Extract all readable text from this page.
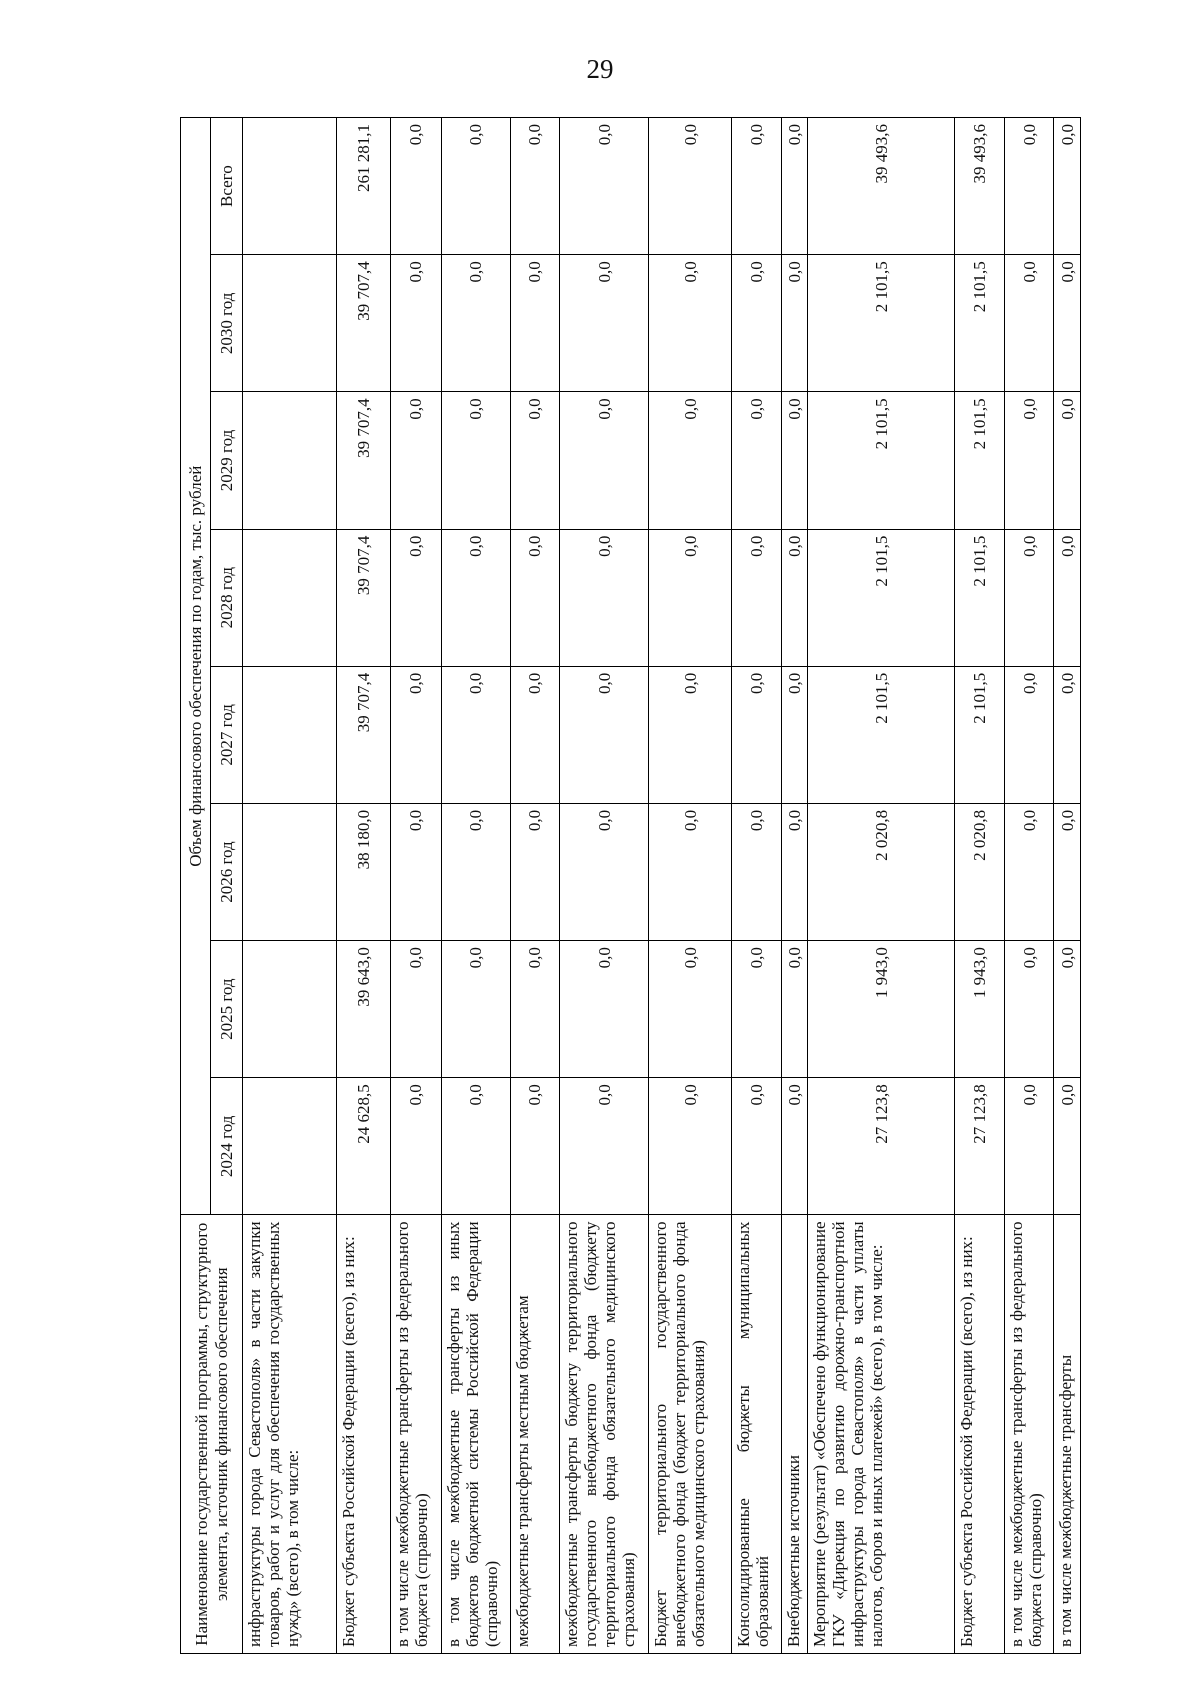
29
Наименование государственной программы, структурного элемента, источник финансового обеспечения	Объем финансового обеспечения по годам, тыс. рублей							
	2024 год	2025 год	2026 год	2027 год	2028 год	2029 год	2030 год	Всего
инфраструктуры города Севастополя» в части закупки товаров, работ и услуг для обеспечения государственных нужд» (всего), в том числе:								
Бюджет субъекта Российской Федерации (всего), из них:	24 628,5	39 643,0	38 180,0	39 707,4	39 707,4	39 707,4	39 707,4	261 281,1
в том числе межбюджетные трансферты из федерального бюджета (справочно)	0,0	0,0	0,0	0,0	0,0	0,0	0,0	0,0
в том числе межбюджетные трансферты из иных бюджетов бюджетной системы Российской Федерации (справочно)	0,0	0,0	0,0	0,0	0,0	0,0	0,0	0,0
межбюджетные трансферты местным бюджетам	0,0	0,0	0,0	0,0	0,0	0,0	0,0	0,0
межбюджетные трансферты бюджету территориального государственного внебюджетного фонда (бюджету территориального фонда обязательного медицинского страхования)	0,0	0,0	0,0	0,0	0,0	0,0	0,0	0,0
Бюджет территориального государственного внебюджетного фонда (бюджет территориального фонда обязательного медицинского страхования)	0,0	0,0	0,0	0,0	0,0	0,0	0,0	0,0
Консолидированные бюджеты муниципальных образований	0,0	0,0	0,0	0,0	0,0	0,0	0,0	0,0
Внебюджетные источники	0,0	0,0	0,0	0,0	0,0	0,0	0,0	0,0
Мероприятие (результат) «Обеспечено функционирование ГКУ «Дирекция по развитию дорожно-транспортной инфраструктуры города Севастополя» в части уплаты налогов, сборов и иных платежей» (всего), в том числе:	27 123,8	1 943,0	2 020,8	2 101,5	2 101,5	2 101,5	2 101,5	39 493,6
Бюджет субъекта Российской Федерации (всего), из них:	27 123,8	1 943,0	2 020,8	2 101,5	2 101,5	2 101,5	2 101,5	39 493,6
в том числе межбюджетные трансферты из федерального бюджета (справочно)	0,0	0,0	0,0	0,0	0,0	0,0	0,0	0,0
в том числе межбюджетные трансферты	0,0	0,0	0,0	0,0	0,0	0,0	0,0	0,0
